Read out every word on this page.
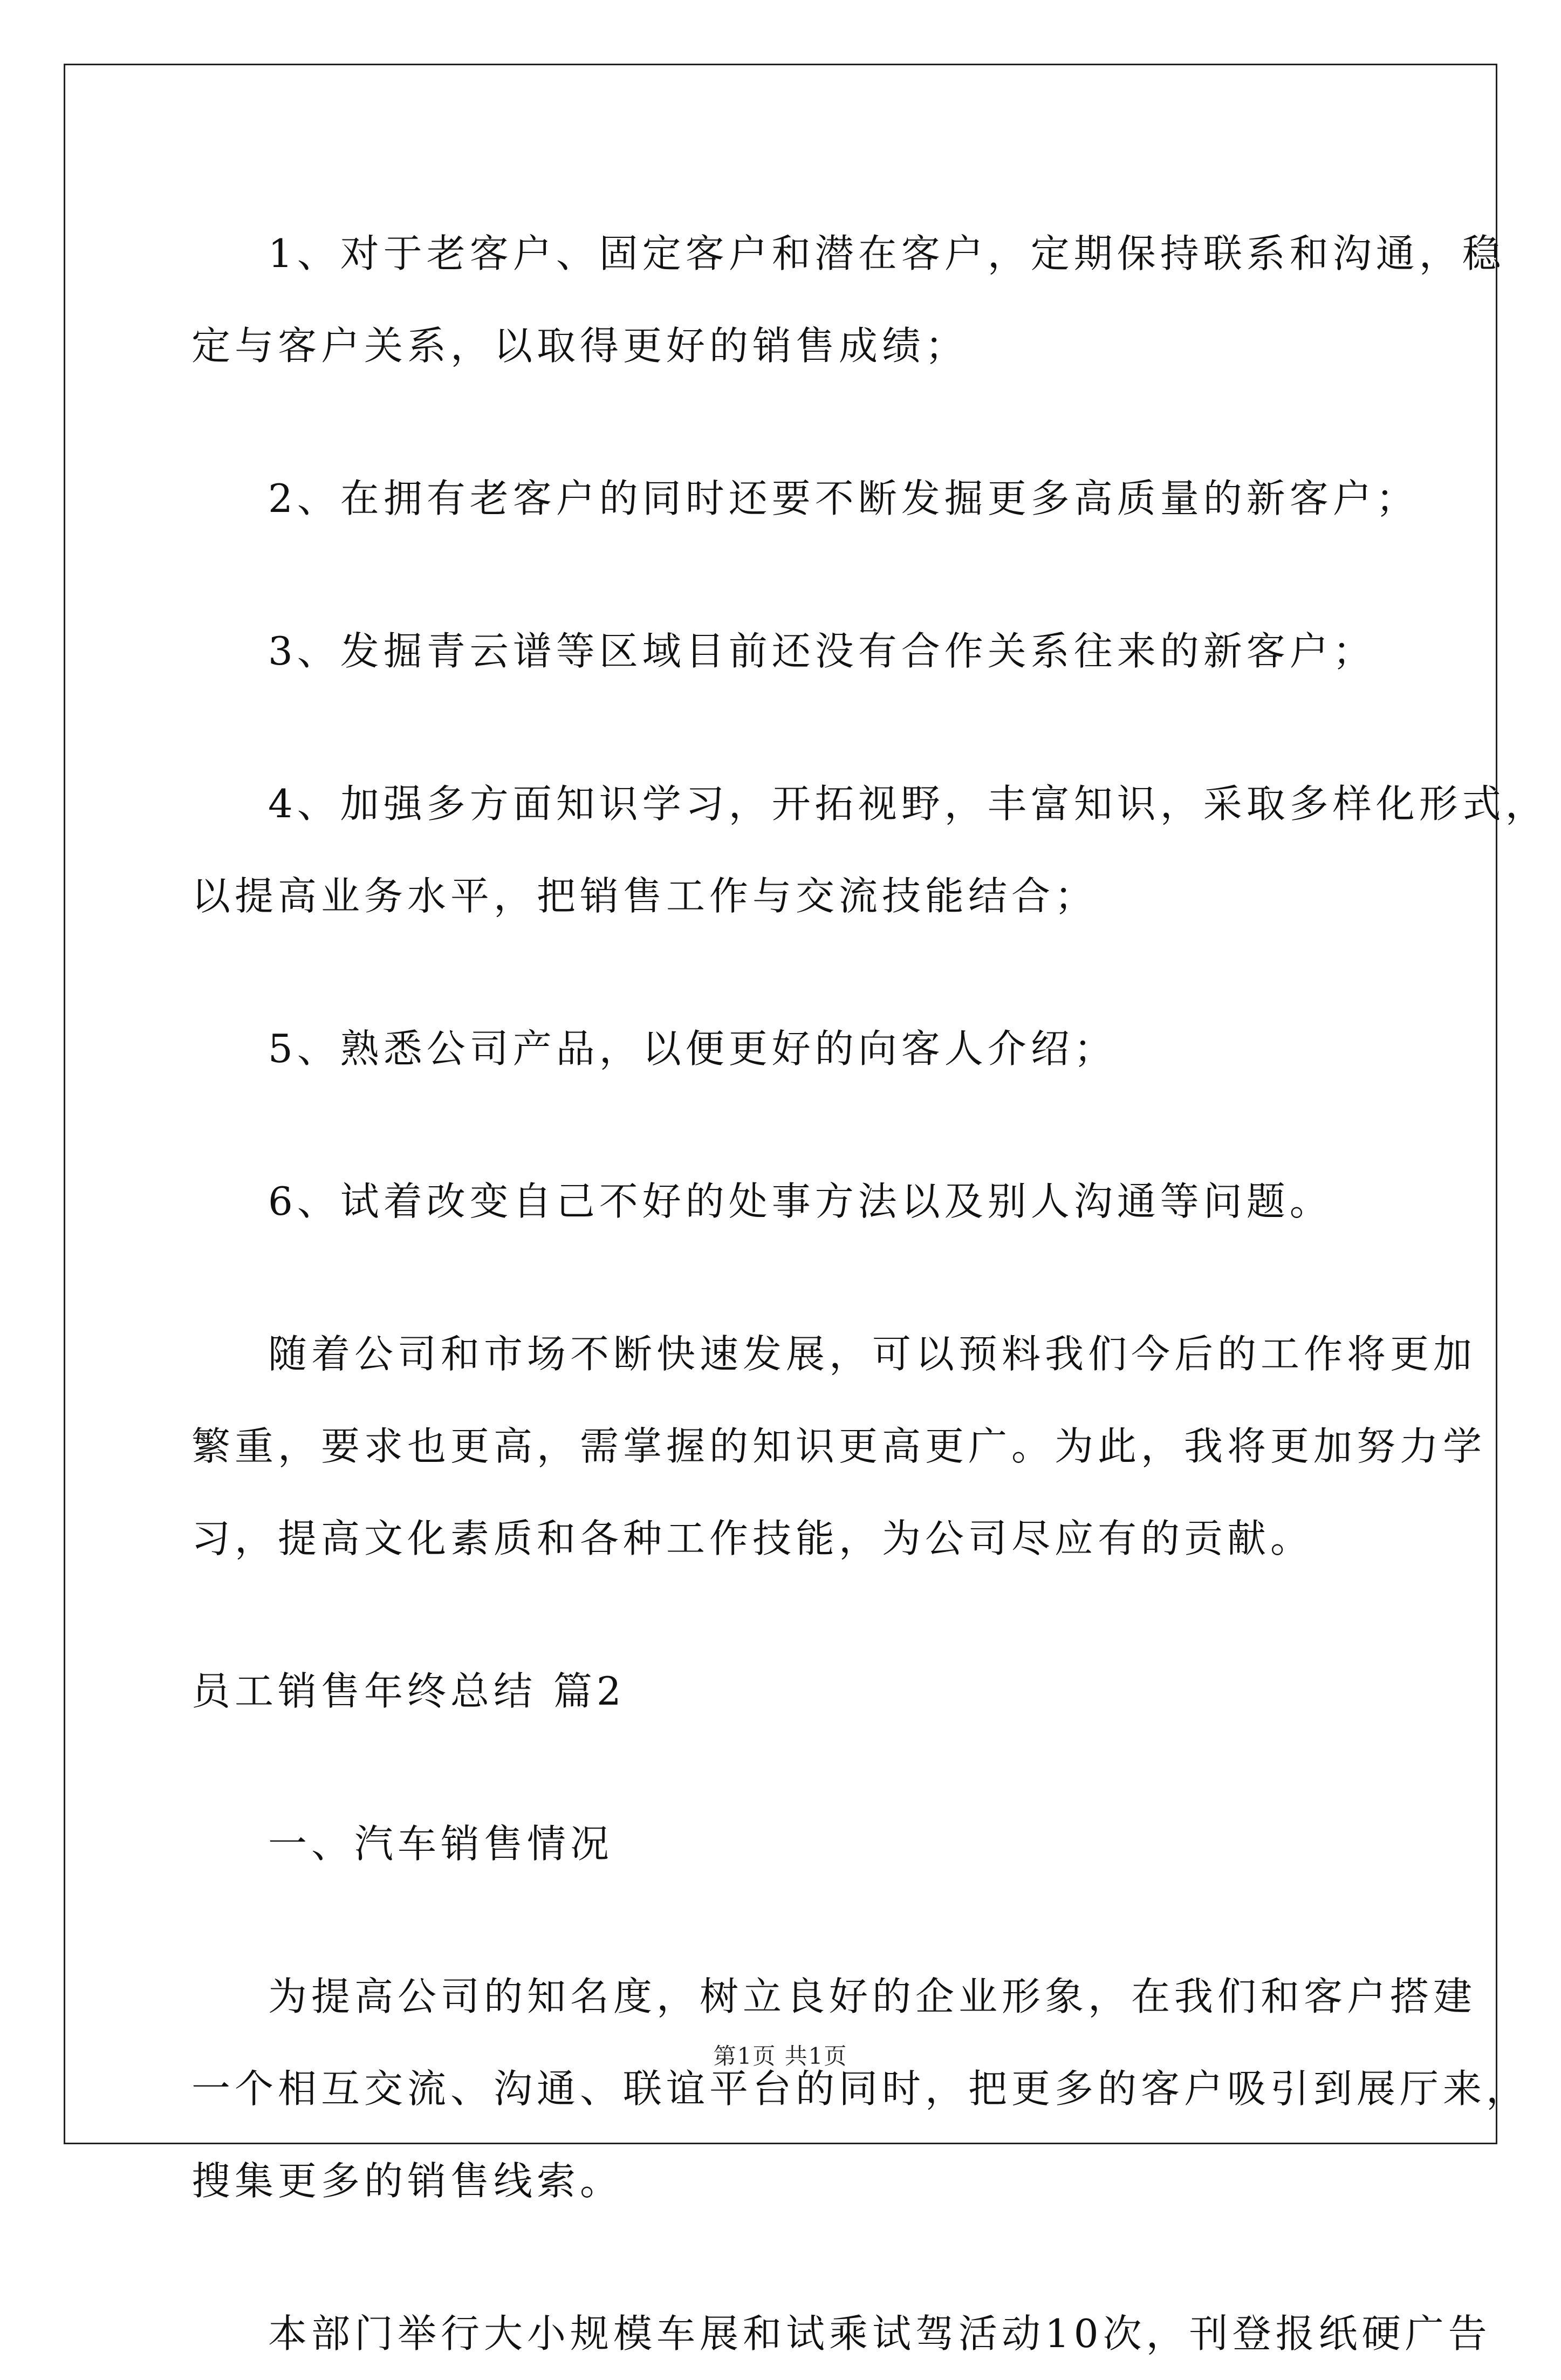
1、对于老客户、固定客户和潜在客户，定期保持联系和沟通，稳
定与客户关系，以取得更好的销售成绩；
2、在拥有老客户的同时还要不断发掘更多高质量的新客户；
3、发掘青云谱等区域目前还没有合作关系往来的新客户；
4、加强多方面知识学习，开拓视野，丰富知识，采取多样化形式，
以提高业务水平，把销售工作与交流技能结合；
5、熟悉公司产品，以便更好的向客人介绍；
6、试着改变自己不好的处事方法以及别人沟通等问题。
随着公司和市场不断快速发展，可以预料我们今后的工作将更加
繁重，要求也更高，需掌握的知识更高更广。为此，我将更加努力学
习，提高文化素质和各种工作技能，为公司尽应有的贡献。
员工销售年终总结 篇2
一、汽车销售情况
为提高公司的知名度，树立良好的企业形象，在我们和客户搭建
一个相互交流、沟通、联谊平台的同时，把更多的客户吸引到展厅来，
搜集更多的销售线索。
本部门举行大小规模车展和试乘试驾活动10次，刊登报纸硬广告
第1页 共1页
